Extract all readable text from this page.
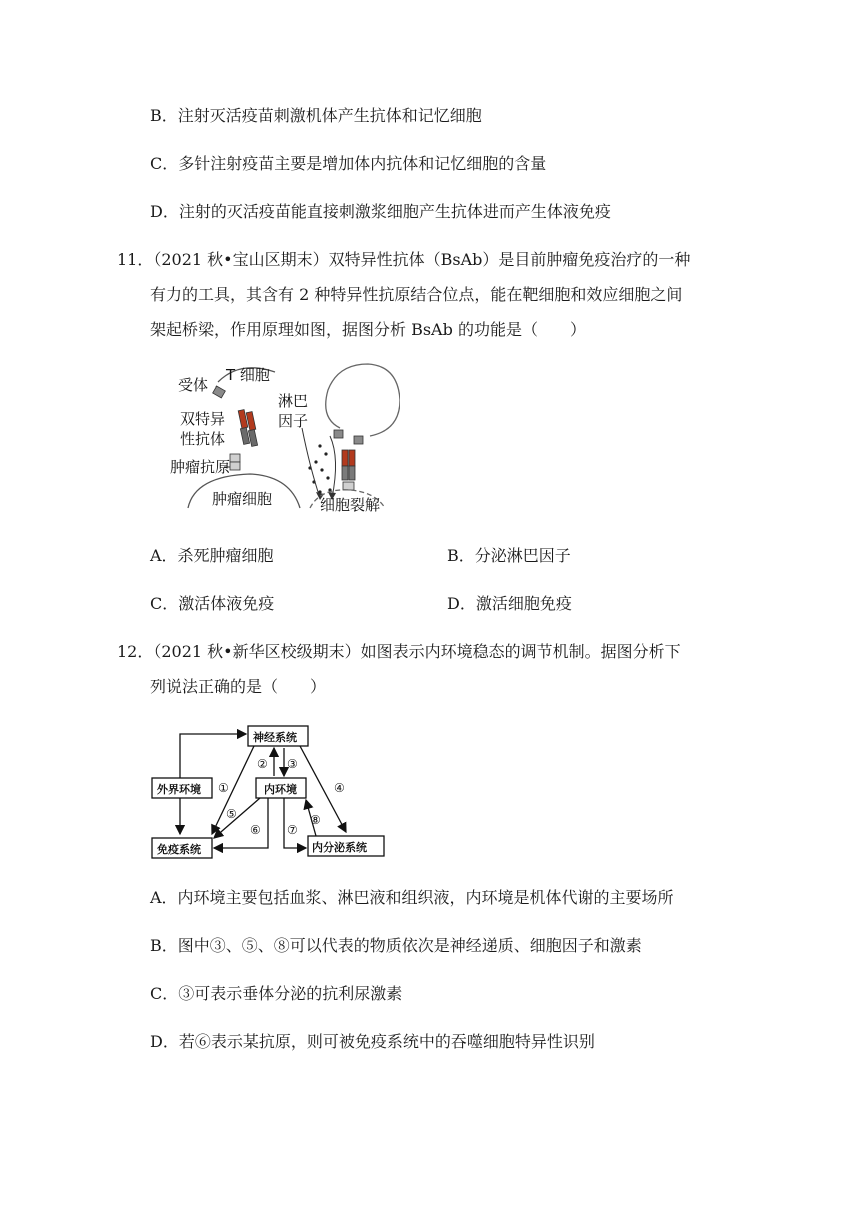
B．注射灭活疫苗刺激机体产生抗体和记忆细胞
C．多针注射疫苗主要是增加体内抗体和记忆细胞的含量
D．注射的灭活疫苗能直接刺激浆细胞产生抗体进而产生体液免疫
11．（2021 秋•宝山区期末）双特异性抗体（BsAb）是目前肿瘤免疫治疗的一种
有力的工具，其含有 2 种特异性抗原结合位点，能在靶细胞和效应细胞之间
架起桥梁，作用原理如图，据图分析 BsAb 的功能是（　　）
受体
T 细胞
双特异
性抗体
肿瘤抗原
肿瘤细胞
淋巴
因子
细胞裂解
A．杀死肿瘤细胞	B．分泌淋巴因子
C．激活体液免疫	D．激活细胞免疫
12．（2021 秋•新华区校级期末）如图表示内环境稳态的调节机制。据图分析下
列说法正确的是（　　）
神经系统
外界环境	内环境
免疫系统	内分泌系统
①
② ③
④
⑤
⑥ ⑦
⑧
A．内环境主要包括血浆、淋巴液和组织液，内环境是机体代谢的主要场所
B．图中③、⑤、⑧可以代表的物质依次是神经递质、细胞因子和激素
C．③可表示垂体分泌的抗利尿激素
D．若⑥表示某抗原，则可被免疫系统中的吞噬细胞特异性识别
